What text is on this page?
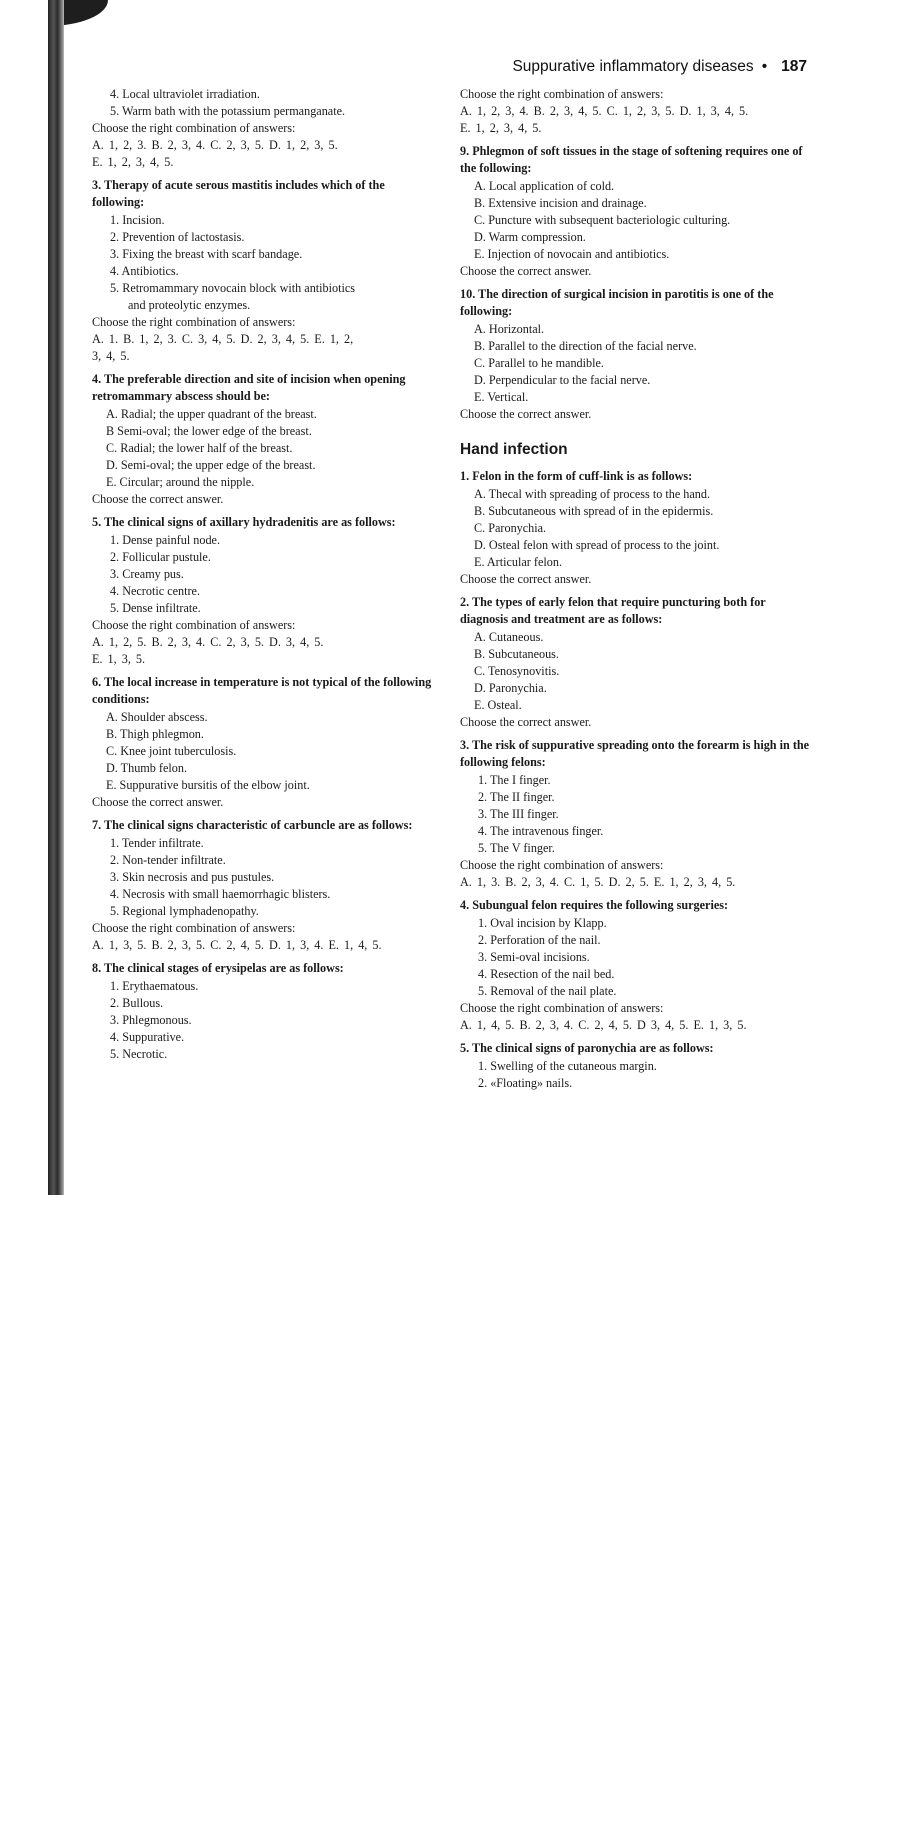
Suppurative inflammatory diseases • 187
4. Local ultraviolet irradiation.
5. Warm bath with the potassium permanganate.
Choose the right combination of answers:
A. 1, 2, 3. B. 2, 3, 4. C. 2, 3, 5. D. 1, 2, 3, 5.
E. 1, 2, 3, 4, 5.
3. Therapy of acute serous mastitis includes which of the following:
1. Incision.
2. Prevention of lactostasis.
3. Fixing the breast with scarf bandage.
4. Antibiotics.
5. Retromammary novocain block with antibiotics
and proteolytic enzymes.
Choose the right combination of answers:
A. 1. B. 1, 2, 3. C. 3, 4, 5. D. 2, 3, 4, 5. E. 1, 2,
3, 4, 5.
4. The preferable direction and site of incision when opening retromammary abscess should be:
A. Radial; the upper quadrant of the breast.
B Semi-oval; the lower edge of the breast.
C. Radial; the lower half of the breast.
D. Semi-oval; the upper edge of the breast.
E. Circular; around the nipple.
Choose the correct answer.
5. The clinical signs of axillary hydradenitis are as follows:
1. Dense painful node.
2. Follicular pustule.
3. Creamy pus.
4. Necrotic centre.
5. Dense infiltrate.
Choose the right combination of answers:
A. 1, 2, 5. B. 2, 3, 4. C. 2, 3, 5. D. 3, 4, 5.
E. 1, 3, 5.
6. The local increase in temperature is not typical of the following conditions:
A. Shoulder abscess.
B. Thigh phlegmon.
C. Knee joint tuberculosis.
D. Thumb felon.
E. Suppurative bursitis of the elbow joint.
Choose the correct answer.
7. The clinical signs characteristic of carbuncle are as follows:
1. Tender infiltrate.
2. Non-tender infiltrate.
3. Skin necrosis and pus pustules.
4. Necrosis with small haemorrhagic blisters.
5. Regional lymphadenopathy.
Choose the right combination of answers:
A. 1, 3, 5. B. 2, 3, 5. C. 2, 4, 5. D. 1, 3, 4. E. 1, 4, 5.
8. The clinical stages of erysipelas are as follows:
1. Erythaematous.
2. Bullous.
3. Phlegmonous.
4. Suppurative.
5. Necrotic.
Choose the right combination of answers:
A. 1, 2, 3, 4. B. 2, 3, 4, 5. C. 1, 2, 3, 5. D. 1, 3, 4, 5.
E. 1, 2, 3, 4, 5.
9. Phlegmon of soft tissues in the stage of softening requires one of the following:
A. Local application of cold.
B. Extensive incision and drainage.
C. Puncture with subsequent bacteriologic culturing.
D. Warm compression.
E. Injection of novocain and antibiotics.
Choose the correct answer.
10. The direction of surgical incision in parotitis is one of the following:
A. Horizontal.
B. Parallel to the direction of the facial nerve.
C. Parallel to he mandible.
D. Perpendicular to the facial nerve.
E. Vertical.
Choose the correct answer.
Hand infection
1. Felon in the form of cuff-link is as follows:
A. Thecal with spreading of process to the hand.
B. Subcutaneous with spread of in the epidermis.
C. Paronychia.
D. Osteal felon with spread of process to the joint.
E. Articular felon.
Choose the correct answer.
2. The types of early felon that require puncturing both for diagnosis and treatment are as follows:
A. Cutaneous.
B. Subcutaneous.
C. Tenosynovitis.
D. Paronychia.
E. Osteal.
Choose the correct answer.
3. The risk of suppurative spreading onto the forearm is high in the following felons:
1. The I finger.
2. The II finger.
3. The III finger.
4. The intravenous finger.
5. The V finger.
Choose the right combination of answers:
A. 1, 3. B. 2, 3, 4. C. 1, 5. D. 2, 5. E. 1, 2, 3, 4, 5.
4. Subungual felon requires the following surgeries:
1. Oval incision by Klapp.
2. Perforation of the nail.
3. Semi-oval incisions.
4. Resection of the nail bed.
5. Removal of the nail plate.
Choose the right combination of answers:
A. 1, 4, 5. B. 2, 3, 4. C. 2, 4, 5. D 3, 4, 5. E. 1, 3, 5.
5. The clinical signs of paronychia are as follows:
1. Swelling of the cutaneous margin.
2. «Floating» nails.
